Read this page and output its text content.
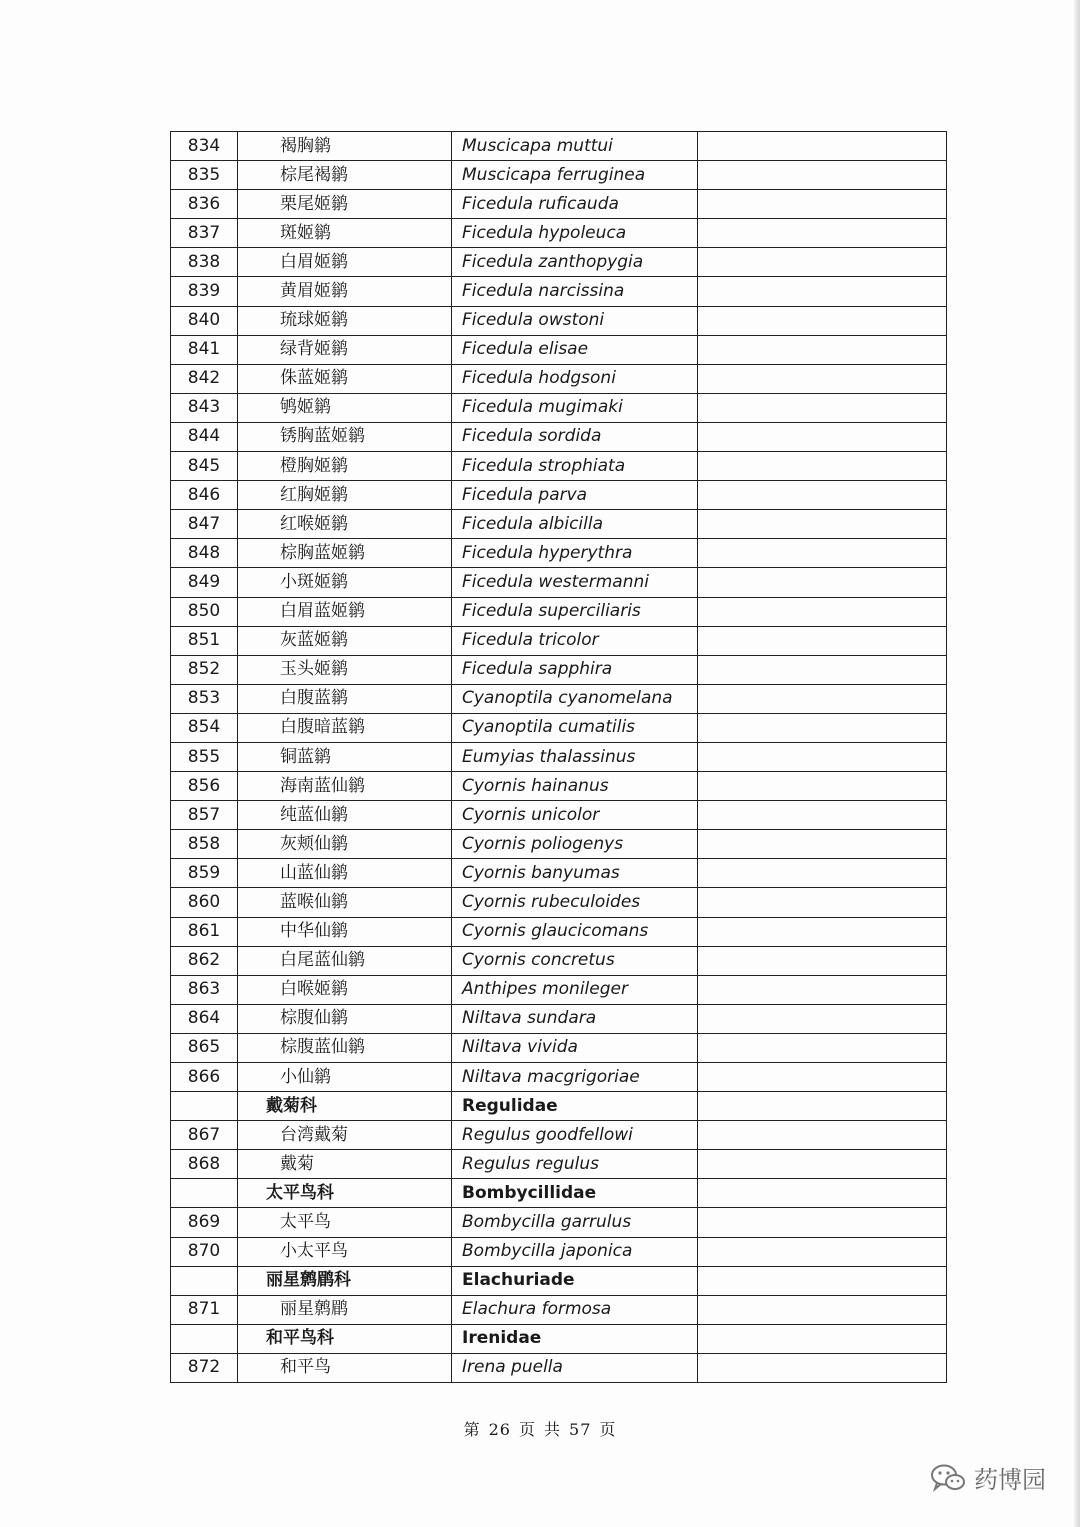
834	褐胸鹟	Muscicapa muttui	
835	棕尾褐鹟	Muscicapa ferruginea	
836	栗尾姬鹟	Ficedula ruficauda	
837	斑姬鹟	Ficedula hypoleuca	
838	白眉姬鹟	Ficedula zanthopygia	
839	黄眉姬鹟	Ficedula narcissina	
840	琉球姬鹟	Ficedula owstoni	
841	绿背姬鹟	Ficedula elisae	
842	侏蓝姬鹟	Ficedula hodgsoni	
843	鸲姬鹟	Ficedula mugimaki	
844	锈胸蓝姬鹟	Ficedula sordida	
845	橙胸姬鹟	Ficedula strophiata	
846	红胸姬鹟	Ficedula parva	
847	红喉姬鹟	Ficedula albicilla	
848	棕胸蓝姬鹟	Ficedula hyperythra	
849	小斑姬鹟	Ficedula westermanni	
850	白眉蓝姬鹟	Ficedula superciliaris	
851	灰蓝姬鹟	Ficedula tricolor	
852	玉头姬鹟	Ficedula sapphira	
853	白腹蓝鹟	Cyanoptila cyanomelana	
854	白腹暗蓝鹟	Cyanoptila cumatilis	
855	铜蓝鹟	Eumyias thalassinus	
856	海南蓝仙鹟	Cyornis hainanus	
857	纯蓝仙鹟	Cyornis unicolor	
858	灰颊仙鹟	Cyornis poliogenys	
859	山蓝仙鹟	Cyornis banyumas	
860	蓝喉仙鹟	Cyornis rubeculoides	
861	中华仙鹟	Cyornis glaucicomans	
862	白尾蓝仙鹟	Cyornis concretus	
863	白喉姬鹟	Anthipes monileger	
864	棕腹仙鹟	Niltava sundara	
865	棕腹蓝仙鹟	Niltava vivida	
866	小仙鹟	Niltava macgrigoriae	
	戴菊科	Regulidae	
867	台湾戴菊	Regulus goodfellowi	
868	戴菊	Regulus regulus	
	太平鸟科	Bombycillidae	
869	太平鸟	Bombycilla garrulus	
870	小太平鸟	Bombycilla japonica	
	丽星鹩鹛科	Elachuriade	
871	丽星鹩鹛	Elachura formosa	
	和平鸟科	Irenidae	
872	和平鸟	Irena puella	
第 26 页 共 57 页
药博园
